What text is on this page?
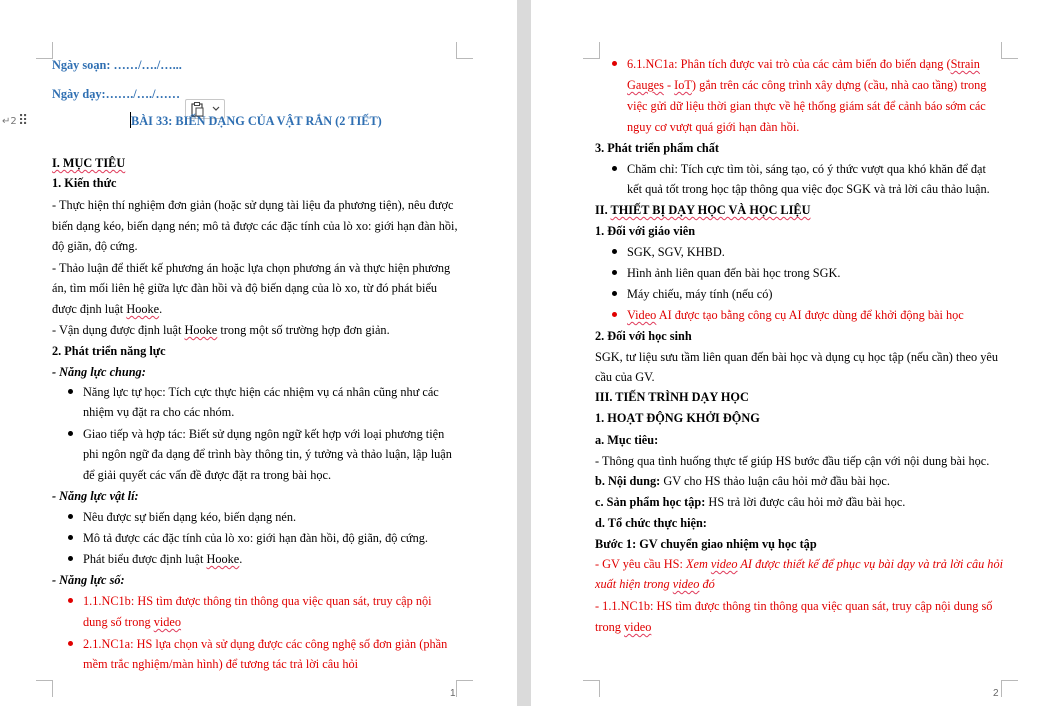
↵2 ⠿
Ngày soạn: ……/…./…...
Ngày dạy:……./…./……
BÀI 33: BIẾN DẠNG CỦA VẬT RẮN (2 TIẾT)
I. MỤC TIÊU
1. Kiến thức
- Thực hiện thí nghiệm đơn giản (hoặc sử dụng tài liệu đa phương tiện), nêu được
biến dạng kéo, biến dạng nén; mô tả được các đặc tính của lò xo: giới hạn đàn hồi,
độ giãn, độ cứng.
- Thảo luận để thiết kế phương án hoặc lựa chọn phương án và thực hiện phương
án, tìm mối liên hệ giữa lực đàn hồi và độ biến dạng của lò xo, từ đó phát biểu
được định luật Hooke.
- Vận dụng được định luật Hooke trong một số trường hợp đơn giản.
2. Phát triển năng lực
- Năng lực chung:
Năng lực tự học: Tích cực thực hiện các nhiệm vụ cá nhân cũng như các
nhiệm vụ đặt ra cho các nhóm.
Giao tiếp và hợp tác: Biết sử dụng ngôn ngữ kết hợp với loại phương tiện
phi ngôn ngữ đa dạng để trình bày thông tin, ý tưởng và thảo luận, lập luận
để giải quyết các vấn đề được đặt ra trong bài học.
- Năng lực vật lí:
Nêu được sự biến dạng kéo, biến dạng nén.
Mô tả được các đặc tính của lò xo: giới hạn đàn hồi, độ giãn, độ cứng.
Phát biểu được định luật Hooke.
- Năng lực số:
1.1.NC1b: HS tìm được thông tin thông qua việc quan sát, truy cập nội
dung số trong video
2.1.NC1a: HS lựa chọn và sử dụng được các công nghệ số đơn giản (phần
mềm trắc nghiệm/màn hình) để tương tác trả lời câu hỏi
1
6.1.NC1a: Phân tích được vai trò của các cảm biến đo biến dạng (Strain
Gauges - IoT) gắn trên các công trình xây dựng (cầu, nhà cao tầng) trong
việc gửi dữ liệu thời gian thực về hệ thống giám sát để cảnh báo sớm các
nguy cơ vượt quá giới hạn đàn hồi.
3. Phát triển phẩm chất
Chăm chỉ: Tích cực tìm tòi, sáng tạo, có ý thức vượt qua khó khăn để đạt
kết quả tốt trong học tập thông qua việc đọc SGK và trả lời câu thảo luận.
II. THIẾT BỊ DẠY HỌC VÀ HỌC LIỆU
1. Đối với giáo viên
SGK, SGV, KHBD.
Hình ảnh liên quan đến bài học trong SGK.
Máy chiếu, máy tính (nếu có)
Video AI được tạo bằng công cụ AI được dùng để khởi động bài học
2. Đối với học sinh
SGK, tư liệu sưu tầm liên quan đến bài học và dụng cụ học tập (nếu cần) theo yêu
cầu của GV.
III. TIẾN TRÌNH DẠY HỌC
1. HOẠT ĐỘNG KHỞI ĐỘNG
a. Mục tiêu:
- Thông qua tình huống thực tế giúp HS bước đầu tiếp cận với nội dung bài học.
b. Nội dung: GV cho HS thảo luận câu hỏi mở đầu bài học.
c. Sản phẩm học tập: HS trả lời được câu hỏi mở đầu bài học.
d. Tổ chức thực hiện:
Bước 1: GV chuyển giao nhiệm vụ học tập
- GV yêu cầu HS: Xem video AI được thiết kế để phục vụ bài dạy và trả lời câu hỏi
xuất hiện trong video đó
- 1.1.NC1b: HS tìm được thông tin thông qua việc quan sát, truy cập nội dung số
trong video
2
